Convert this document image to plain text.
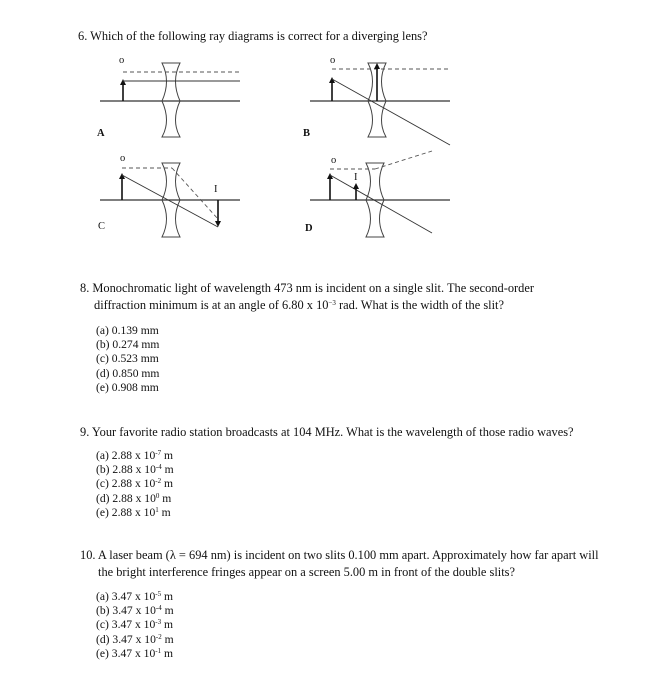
6. Which of the following ray diagrams is correct for a diverging lens?
o
A
o
B
o
I
C
o
I
D
8. Monochromatic light of wavelength 473 nm is incident on a single slit. The second-order
diffraction minimum is at an angle of 6.80 x $10^{-3}$ rad. What is the width of the slit?
(a) 0.139 mm
(b) 0.274 mm
(c) 0.523 mm
(d) 0.850 mm
(e) 0.908 mm
9. Your favorite radio station broadcasts at 104 MHz. What is the wavelength of those radio waves?
(a) 2.88 x $10^{-7}$ m
(b) 2.88 x $10^{-4}$ m
(c) 2.88 x $10^{-2}$ m
(d) 2.88 x $10^0$ m
(e) 2.88 x $10^1$ m
10. A laser beam (λ = 694 nm) is incident on two slits 0.100 mm apart. Approximately how far apart will
the bright interference fringes appear on a screen 5.00 m in front of the double slits?
(a) 3.47 x $10^{-5}$ m
(b) 3.47 x $10^{-4}$ m
(c) 3.47 x $10^{-3}$ m
(d) 3.47 x $10^{-2}$ m
(e) 3.47 x $10^{-1}$ m
